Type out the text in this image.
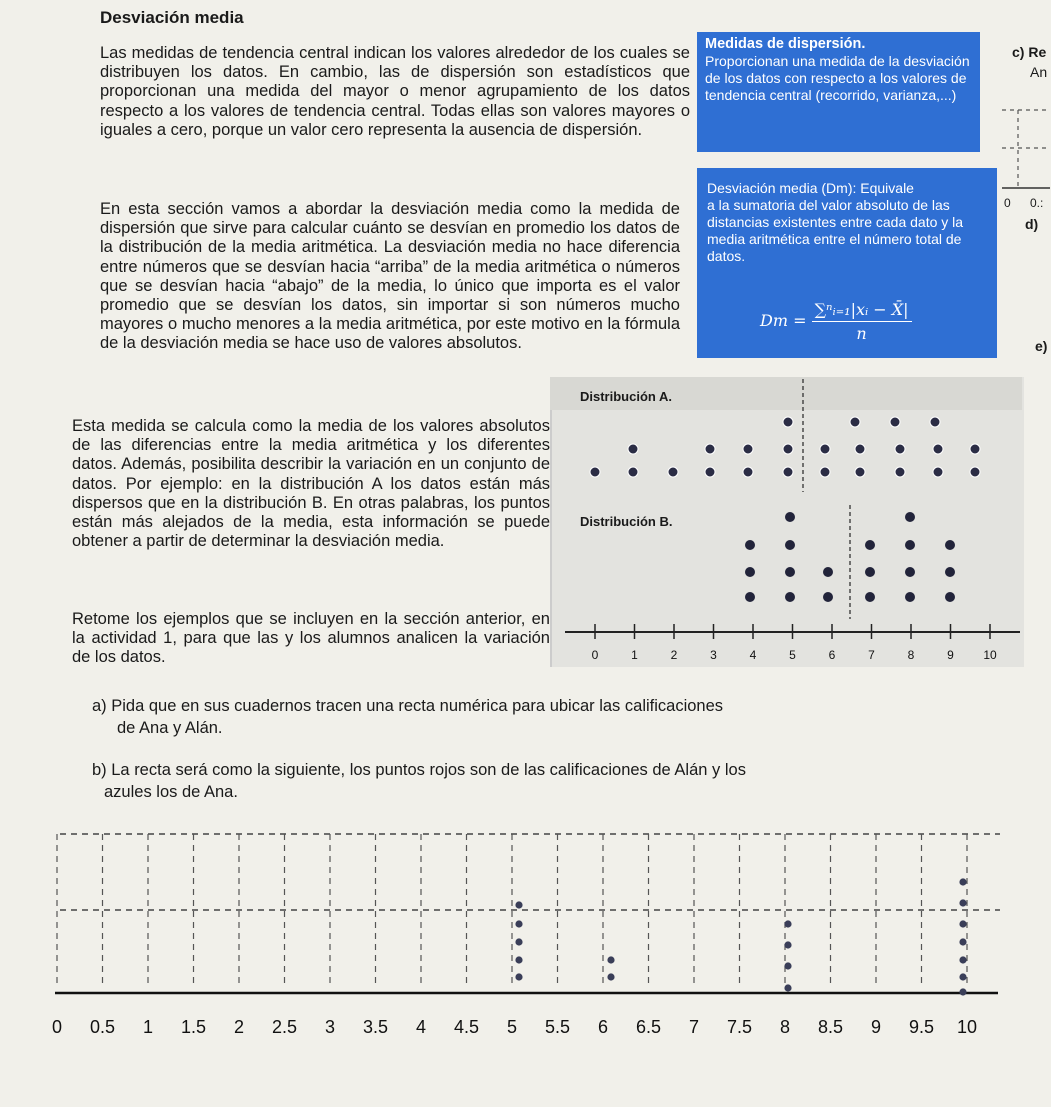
Desviación media

Las medidas de tendencia central indican los valores alrededor de los cuales se distribuyen los datos. En cambio, las de dispersión son estadísticos que proporcionan una medida del mayor o menor agrupamiento de los datos respecto a los valores de tendencia central. Todas ellas son valores mayores o iguales a cero, porque un valor cero representa la ausencia de dispersión.

En esta sección vamos a abordar la desviación media como la medida de dispersión que sirve para calcular cuánto se desvían en promedio los datos de la distribución de la media aritmética. La desviación media no hace diferencia entre números que se desvían hacia “arriba” de la media aritmética o números que se desvían hacia “abajo” de la media, lo único que importa es el valor promedio que se desvían los datos, sin importar si son números mucho mayores o mucho menores a la media aritmética, por este motivo en la fórmula de la desviación media se hace uso de valores absolutos.

Esta medida se calcula como la media de los valores absolutos de las diferencias entre la media aritmética y los diferentes datos. Además, posibilita describir la variación en un conjunto de datos. Por ejemplo: en la distribución A los datos están más dispersos que en la distribución B. En otras palabras, los puntos están más alejados de la media, esta información se puede obtener a partir de determinar la desviación media.

Retome los ejemplos que se incluyen en la sección anterior, en la actividad 1, para que las y los alumnos analicen la variación de los datos.

Medidas de dispersión.
Proporcionan una medida de la desviación de los datos con respecto a los valores de tendencia central (recorrido, varianza,...)
Desviación media (Dm): Equivale
a la sumatoria del valor absoluto de las distancias existentes entre cada dato y la media aritmética entre el número total de datos.
$Dm = \frac{\text{∑ⁿᵢ₌₁|xᵢ − X̄|}}{n}$
c) Re
An
d)
e)
0 0.:
Distribución A.
Distribución B.
0	1	2	3	4	5	6	7	8	9 10
a) Pida que en sus cuadernos tracen una recta numérica para ubicar las calificaciones
de Ana y Alán.
b) La recta será como la siguiente, los puntos rojos son de las calificaciones de Alán y los
azules los de Ana.
0 0.5 1 1.5 2 2.5 3 3.5 4 4.5 5 5.5 6 6.5 7 7.5 8 8.5 9 9.5 10
